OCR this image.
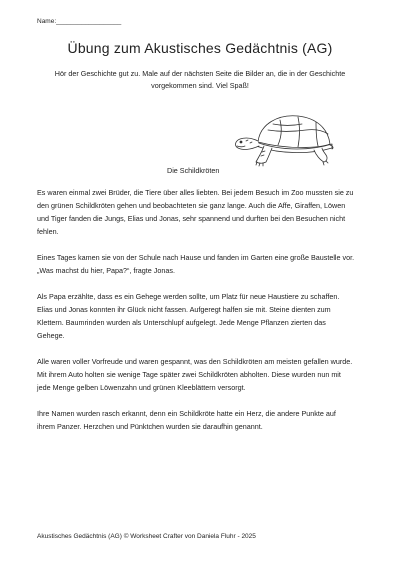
Name:__________________
Übung zum Akustisches Gedächtnis (AG)
Hör der Geschichte gut zu. Male auf der nächsten Seite die Bilder an, die in der Geschichte vorgekommen sind. Viel Spaß!
Die Schildkröten

Es waren einmal zwei Brüder, die Tiere über alles liebten. Bei jedem Besuch im Zoo mussten sie zu den grünen Schildkröten gehen und beobachteten sie ganz lange. Auch die Affe, Giraffen, Löwen und Tiger fanden die Jungs, Elias und Jonas, sehr spannend und durften bei den Besuchen nicht fehlen.

Eines Tages kamen sie von der Schule nach Hause und fanden im Garten eine große Baustelle vor. „Was machst du hier, Papa?“, fragte Jonas.

Als Papa erzählte, dass es ein Gehege werden sollte, um Platz für neue Haustiere zu schaffen. Elias und Jonas konnten ihr Glück nicht fassen. Aufgeregt halfen sie mit. Steine dienten zum Klettern. Baumrinden wurden als Unterschlupf aufgelegt. Jede Menge Pflanzen zierten das Gehege.

Alle waren voller Vorfreude und waren gespannt, was den Schildkröten am meisten gefallen wurde. Mit ihrem Auto holten sie wenige Tage später zwei Schildkröten abholten. Diese wurden nun mit jede Menge gelben Löwenzahn und grünen Kleeblättern versorgt.

Ihre Namen wurden rasch erkannt, denn ein Schildkröte hatte ein Herz, die andere Punkte auf ihrem Panzer. Herzchen und Pünktchen wurden sie daraufhin genannt.

Akustisches Gedächtnis (AG) © Worksheet Crafter von Daniela Fluhr - 2025
